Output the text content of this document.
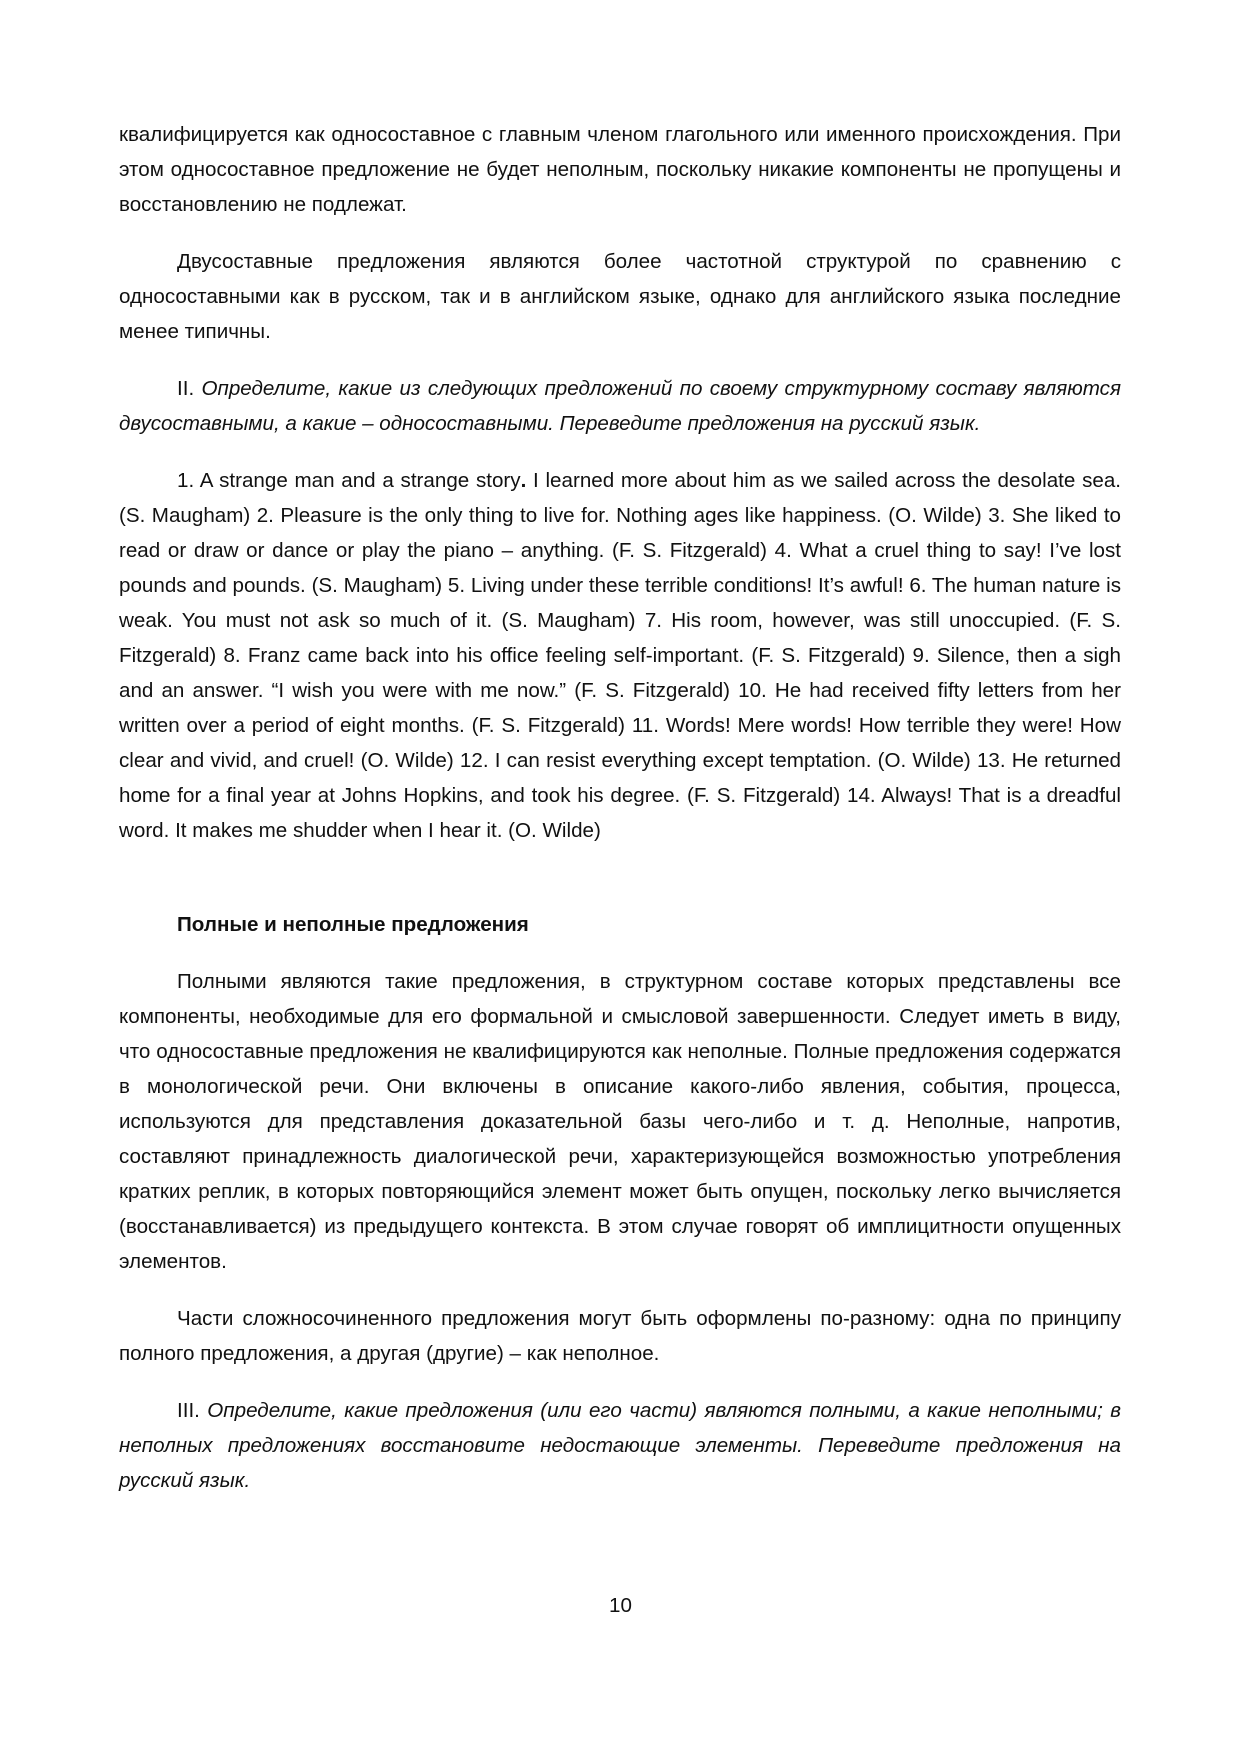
квалифицируется как односоставное с главным членом глагольного или именного происхождения. При этом односоставное предложение не будет неполным, поскольку никакие компоненты не пропущены и восстановлению не подлежат.

Двусоставные предложения являются более частотной структурой по сравнению с односоставными как в русском, так и в английском языке, однако для английского языка последние менее типичны.

II. Определите, какие из следующих предложений по своему структурному составу являются двусоставными, а какие – односоставными. Переведите предложения на русский язык.

1. A strange man and a strange story. I learned more about him as we sailed across the desolate sea. (S. Maugham) 2. Pleasure is the only thing to live for. Nothing ages like happiness. (O. Wilde) 3. She liked to read or draw or dance or play the piano – anything. (F. S. Fitzgerald) 4. What a cruel thing to say! I’ve lost pounds and pounds. (S. Maugham) 5. Living under these terrible conditions! It’s awful! 6. The human nature is weak. You must not ask so much of it. (S. Maugham) 7. His room, however, was still unoccupied. (F. S. Fitzgerald) 8. Franz came back into his office feeling self-important. (F. S. Fitzgerald) 9. Silence, then a sigh and an answer. “I wish you were with me now.” (F. S. Fitzgerald) 10. He had received fifty letters from her written over a period of eight months. (F. S. Fitzgerald) 11. Words! Mere words! How terrible they were! How clear and vivid, and cruel! (O. Wilde) 12. I can resist everything except temptation. (O. Wilde) 13. He returned home for a final year at Johns Hopkins, and took his degree. (F. S. Fitzgerald) 14. Always! That is a dreadful word. It makes me shudder when I hear it. (O. Wilde)

Полные и неполные предложения

Полными являются такие предложения, в структурном составе которых представлены все компоненты, необходимые для его формальной и смысловой завершенности. Следует иметь в виду, что односоставные предложения не квалифицируются как неполные. Полные предложения содержатся в монологической речи. Они включены в описание какого-либо явления, события, процесса, используются для представления доказательной базы чего-либо и т. д. Неполные, напротив, составляют принадлежность диалогической речи, характеризующейся возможностью употребления кратких реплик, в которых повторяющийся элемент может быть опущен, поскольку легко вычисляется (восстанавливается) из предыдущего контекста. В этом случае говорят об имплицитности опущенных элементов.

Части сложносочиненного предложения могут быть оформлены по-разному: одна по принципу полного предложения, а другая (другие) – как неполное.

III. Определите, какие предложения (или его части) являются полными, а какие неполными; в неполных предложениях восстановите недостающие элементы. Переведите предложения на русский язык.

10
